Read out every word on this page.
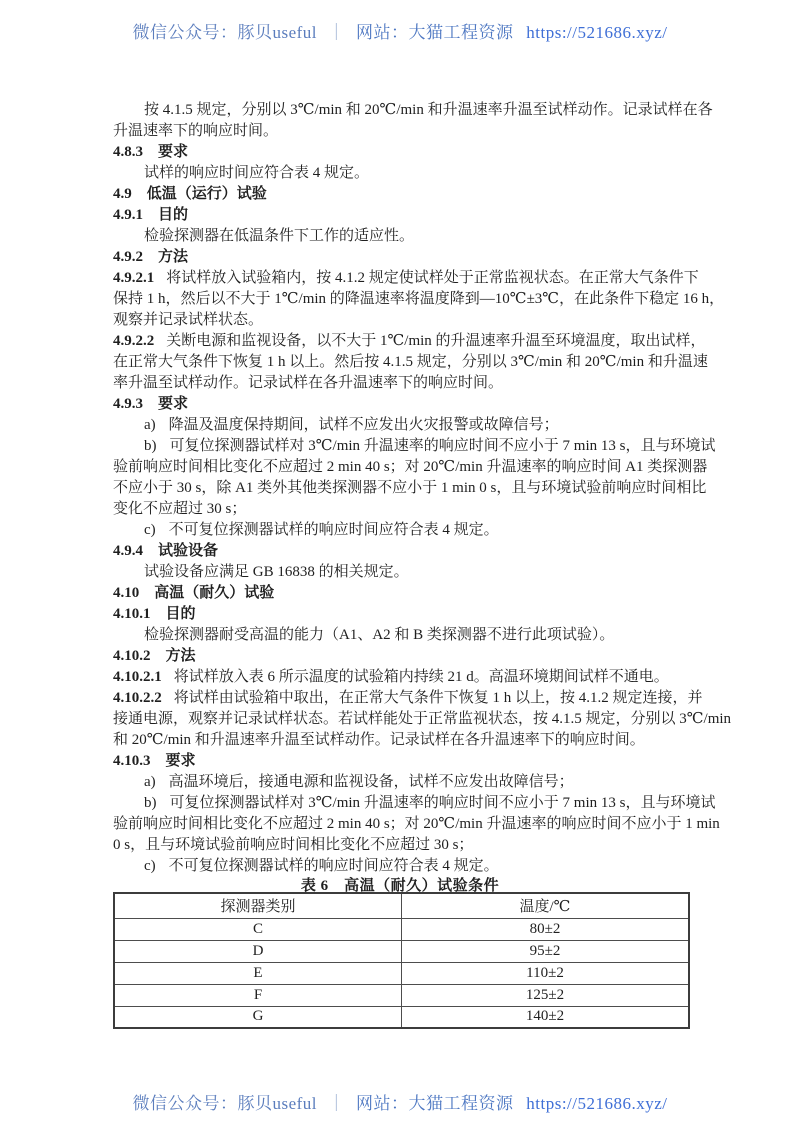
微信公众号：豚贝useful ｜ 网站：大猫工程资源 https://521686.xyz/
按 4.1.5 规定，分别以 3℃/min 和 20℃/min 和升温速率升温至试样动作。记录试样在各
升温速率下的响应时间。
4.8.3 要求
试样的响应时间应符合表 4 规定。
4.9 低温（运行）试验
4.9.1 目的
检验探测器在低温条件下工作的适应性。
4.9.2 方法
4.9.2.1 将试样放入试验箱内，按 4.1.2 规定使试样处于正常监视状态。在正常大气条件下
保持 1 h，然后以不大于 1℃/min 的降温速率将温度降到—10℃±3℃，在此条件下稳定 16 h，
观察并记录试样状态。
4.9.2.2 关断电源和监视设备，以不大于 1℃/min 的升温速率升温至环境温度，取出试样，
在正常大气条件下恢复 1 h 以上。然后按 4.1.5 规定，分别以 3℃/min 和 20℃/min 和升温速
率升温至试样动作。记录试样在各升温速率下的响应时间。
4.9.3 要求
a) 降温及温度保持期间，试样不应发出火灾报警或故障信号；
b) 可复位探测器试样对 3℃/min 升温速率的响应时间不应小于 7 min 13 s，且与环境试
验前响应时间相比变化不应超过 2 min 40 s；对 20℃/min 升温速率的响应时间 A1 类探测器
不应小于 30 s，除 A1 类外其他类探测器不应小于 1 min 0 s，且与环境试验前响应时间相比
变化不应超过 30 s；
c) 不可复位探测器试样的响应时间应符合表 4 规定。
4.9.4 试验设备
试验设备应满足 GB 16838 的相关规定。
4.10 高温（耐久）试验
4.10.1 目的
检验探测器耐受高温的能力（A1、A2 和 B 类探测器不进行此项试验）。
4.10.2 方法
4.10.2.1 将试样放入表 6 所示温度的试验箱内持续 21 d。高温环境期间试样不通电。
4.10.2.2 将试样由试验箱中取出，在正常大气条件下恢复 1 h 以上，按 4.1.2 规定连接，并
接通电源，观察并记录试样状态。若试样能处于正常监视状态，按 4.1.5 规定，分别以 3℃/min
和 20℃/min 和升温速率升温至试样动作。记录试样在各升温速率下的响应时间。
4.10.3 要求
a) 高温环境后，接通电源和监视设备，试样不应发出故障信号；
b) 可复位探测器试样对 3℃/min 升温速率的响应时间不应小于 7 min 13 s，且与环境试
验前响应时间相比变化不应超过 2 min 40 s；对 20℃/min 升温速率的响应时间不应小于 1 min
0 s，且与环境试验前响应时间相比变化不应超过 30 s；
c) 不可复位探测器试样的响应时间应符合表 4 规定。
表 6　高温（耐久）试验条件
探测器类别	温度/℃
C	80±2
D	95±2
E	110±2
F	125±2
G	140±2
微信公众号：豚贝useful ｜ 网站：大猫工程资源 https://521686.xyz/
